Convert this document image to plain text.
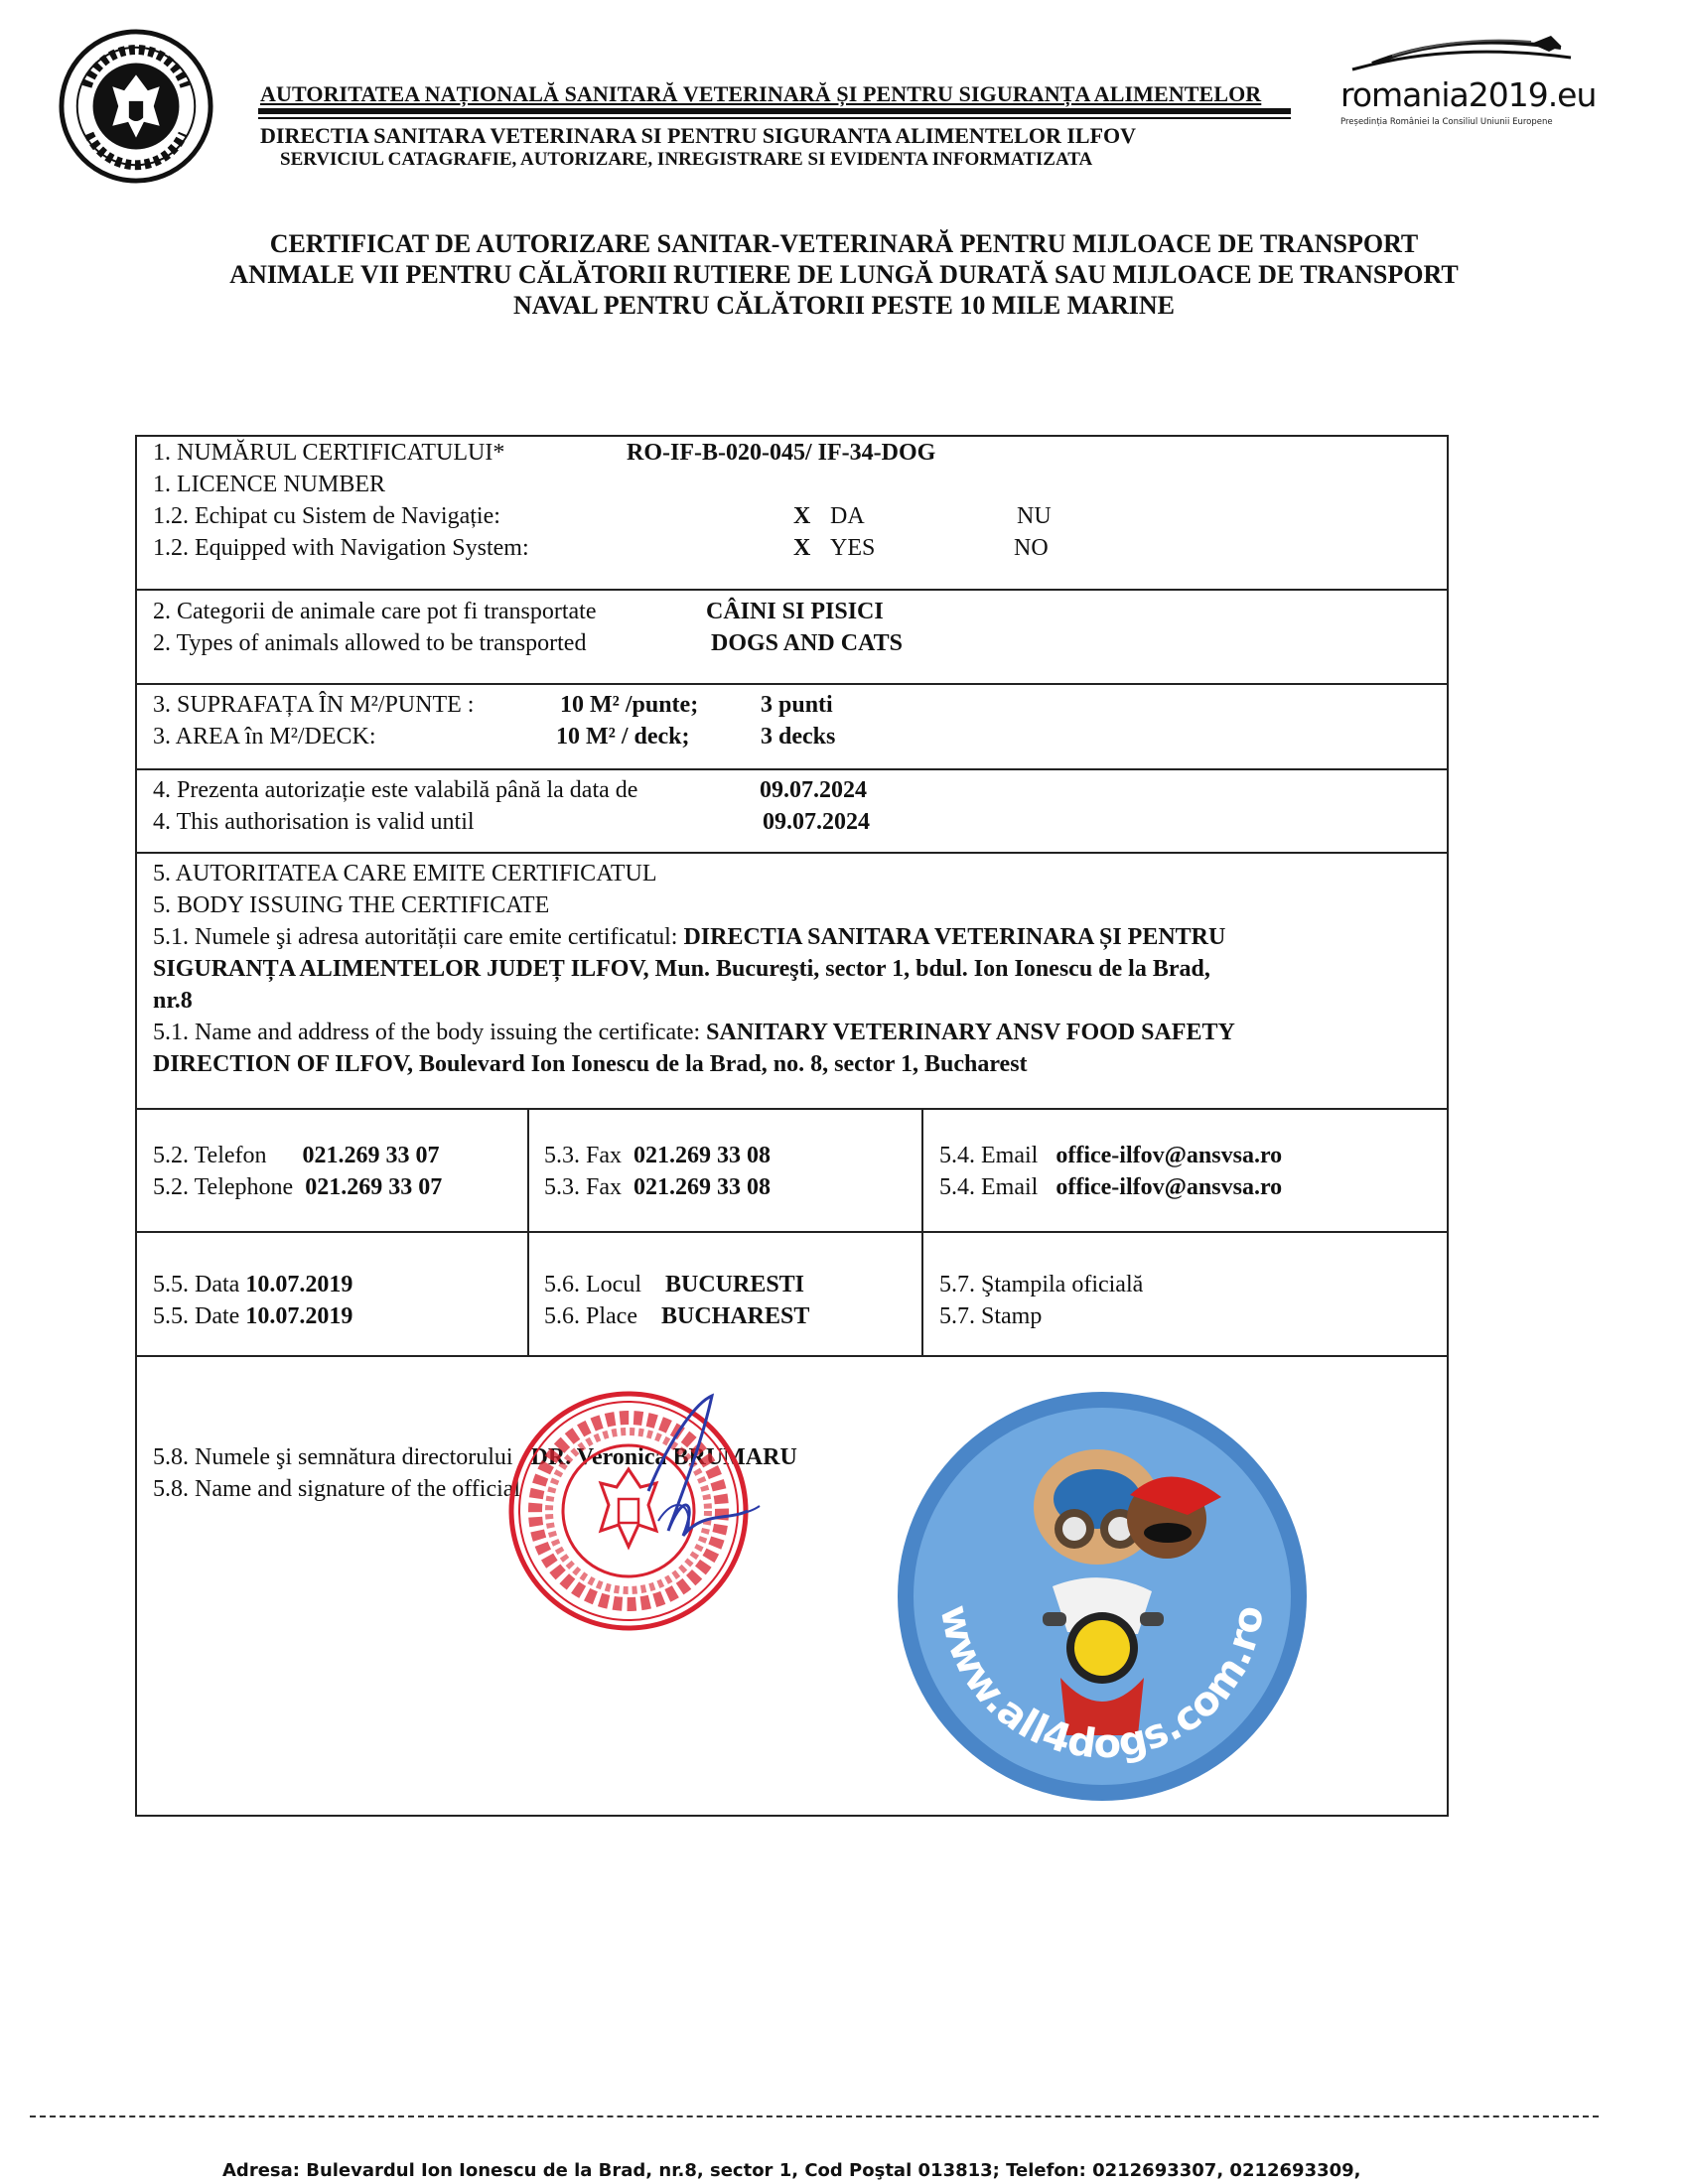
AUTORITATEA NAȚIONALĂ SANITARĂ VETERINARĂ ȘI PENTRU SIGURANȚA ALIMENTELOR
DIRECTIA SANITARA VETERINARA SI PENTRU SIGURANTA ALIMENTELOR ILFOV
SERVICIUL CATAGRAFIE, AUTORIZARE, INREGISTRARE SI EVIDENTA INFORMATIZATA
romania2019.eu
Președinția României la Consiliul Uniunii Europene
CERTIFICAT DE AUTORIZARE SANITAR-VETERINARĂ PENTRU MIJLOACE DE TRANSPORT
ANIMALE VII PENTRU CĂLĂTORII RUTIERE DE LUNGĂ DURATĂ SAU MIJLOACE DE TRANSPORT
NAVAL PENTRU CĂLĂTORII PESTE 10 MILE MARINE
1. NUMĂRUL CERTIFICATULUI*	RO-IF-B-020-045/ IF-34-DOG
1. LICENCE NUMBER
1.2. Echipat cu Sistem de Navigație:	X DA	NU
1.2. Equipped with Navigation System:	X YES	NO
2. Categorii de animale care pot fi transportate	CÂINI SI PISICI
2. Types of animals allowed to be transported	DOGS AND CATS
3. SUPRAFAȚA ÎN M²/PUNTE :	10 M² /punte;	3 punti
3. AREA în M²/DECK:	10 M² / deck;	3 decks
4. Prezenta autorizație este valabilă până la data de	09.07.2024
4. This authorisation is valid until	09.07.2024
5. AUTORITATEA CARE EMITE CERTIFICATUL
5. BODY ISSUING THE CERTIFICATE
5.1. Numele şi adresa autorității care emite certificatul: DIRECTIA SANITARA VETERINARA ȘI PENTRU
SIGURANȚA ALIMENTELOR JUDEȚ ILFOV, Mun. Bucureşti, sector 1, bdul. Ion Ionescu de la Brad,
nr.8
5.1. Name and address of the body issuing the certificate: SANITARY VETERINARY ANSV FOOD SAFETY
DIRECTION OF ILFOV, Boulevard Ion Ionescu de la Brad, no. 8, sector 1, Bucharest
5.2. Telefon 021.269 33 07
5.2. Telephone 021.269 33 07
5.3. Fax 021.269 33 08
5.3. Fax 021.269 33 08
5.4. Email office-ilfov@ansvsa.ro
5.4. Email office-ilfov@ansvsa.ro
5.5. Data 10.07.2019
5.5. Date 10.07.2019
5.6. Locul BUCURESTI
5.6. Place BUCHAREST
5.7. Ştampila oficială
5.7. Stamp
5.8. Numele şi semnătura directorului DR. Veronica BRUMARU
5.8. Name and signature of the official
www.all4dogs.com.ro
Adresa: Bulevardul Ion Ionescu de la Brad, nr.8, sector 1, Cod Poştal 013813; Telefon: 0212693307, 0212693309,
